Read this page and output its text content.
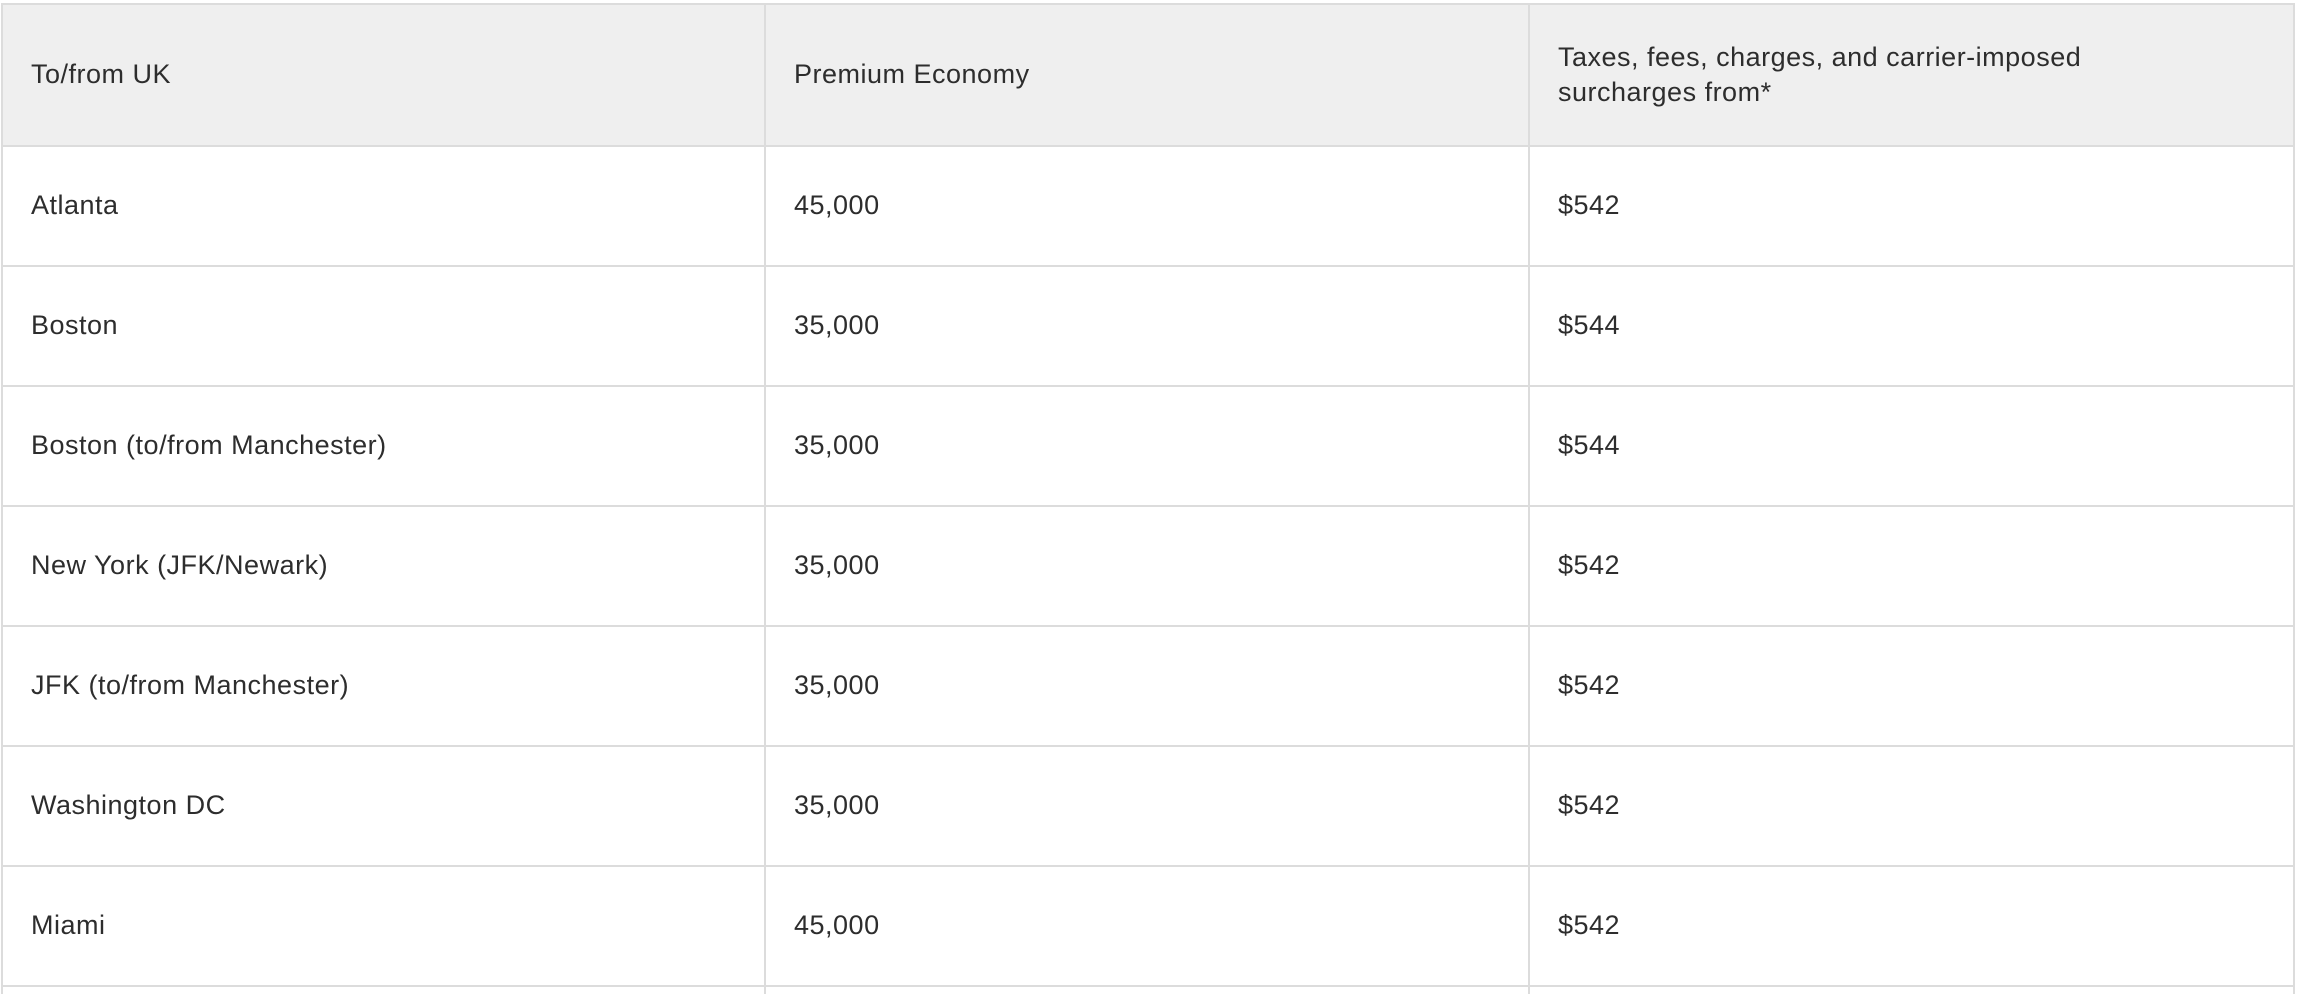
To/from UK	Premium Economy	Taxes, fees, charges, and carrier-imposed surcharges from*
Atlanta	45,000	$542
Boston	35,000	$544
Boston (to/from Manchester)	35,000	$544
New York (JFK/Newark)	35,000	$542
JFK (to/from Manchester)	35,000	$542
Washington DC	35,000	$542
Miami	45,000	$542
